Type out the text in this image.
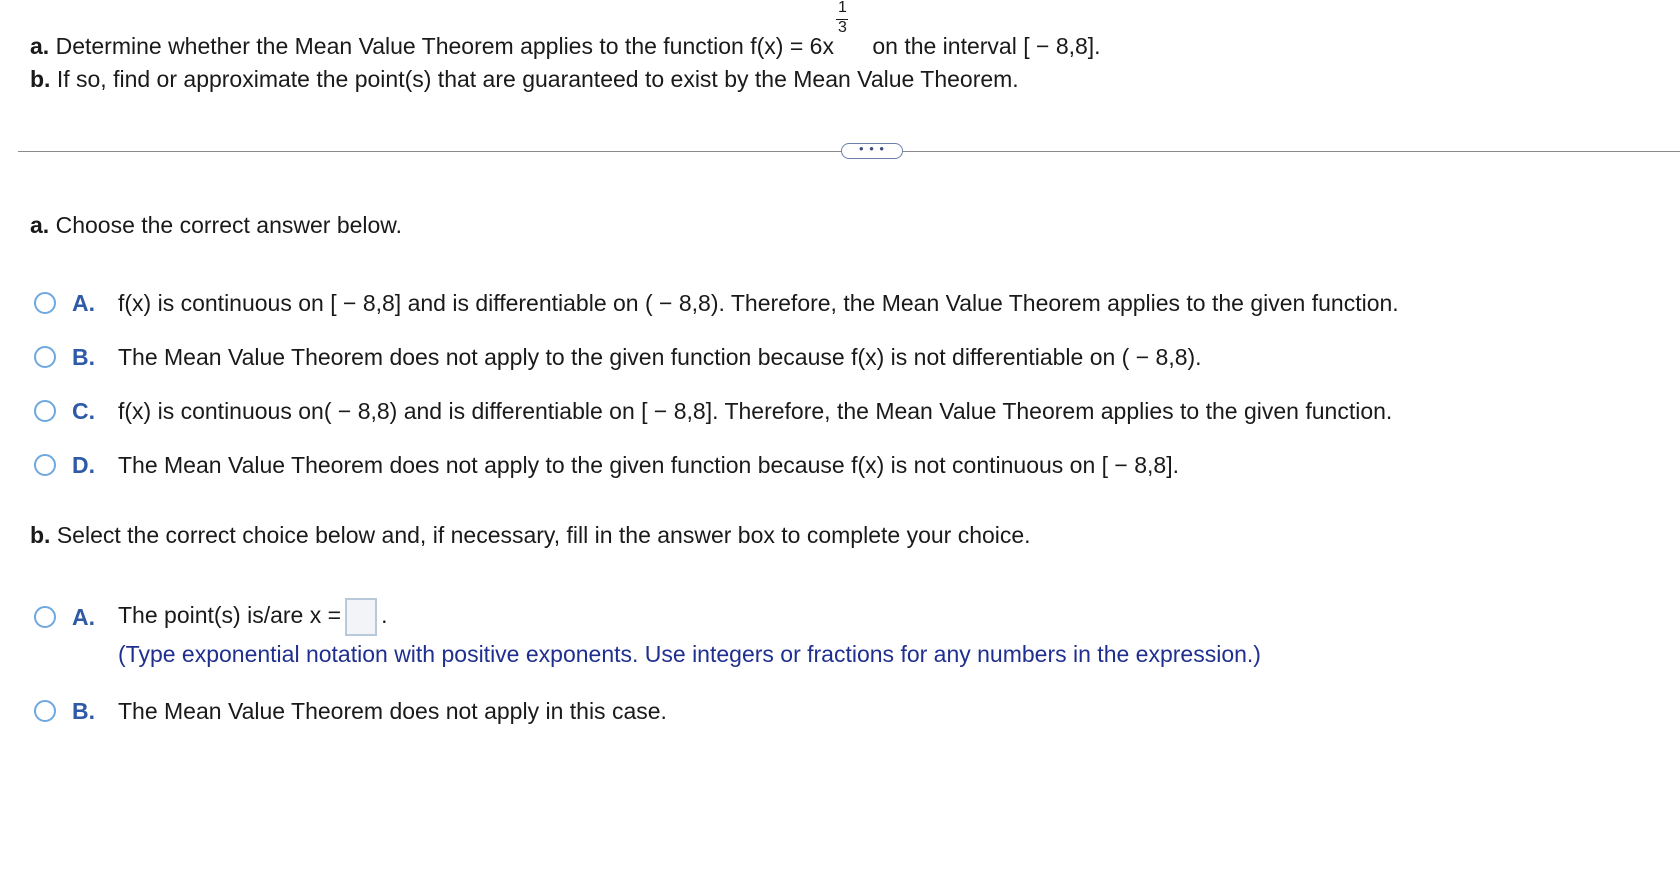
a. Determine whether the Mean Value Theorem applies to the function $f(x) = 6x \frac{1}{3}$ on the interval [ − 8,8].
b. If so, find or approximate the point(s) that are guaranteed to exist by the Mean Value Theorem.
• • •
a. Choose the correct answer below.
A.	f(x) is continuous on [ − 8,8] and is differentiable on ( − 8,8). Therefore, the Mean Value Theorem applies to the given function.
B.	The Mean Value Theorem does not apply to the given function because f(x) is not differentiable on ( − 8,8).
C.	f(x) is continuous on( − 8,8) and is differentiable on [ − 8,8]. Therefore, the Mean Value Theorem applies to the given function.
D.	The Mean Value Theorem does not apply to the given function because f(x) is not continuous on [ − 8,8].
b. Select the correct choice below and, if necessary, fill in the answer box to complete your choice.
A.	The point(s) is/are x = .
(Type exponential notation with positive exponents. Use integers or fractions for any numbers in the expression.)
B.	The Mean Value Theorem does not apply in this case.
